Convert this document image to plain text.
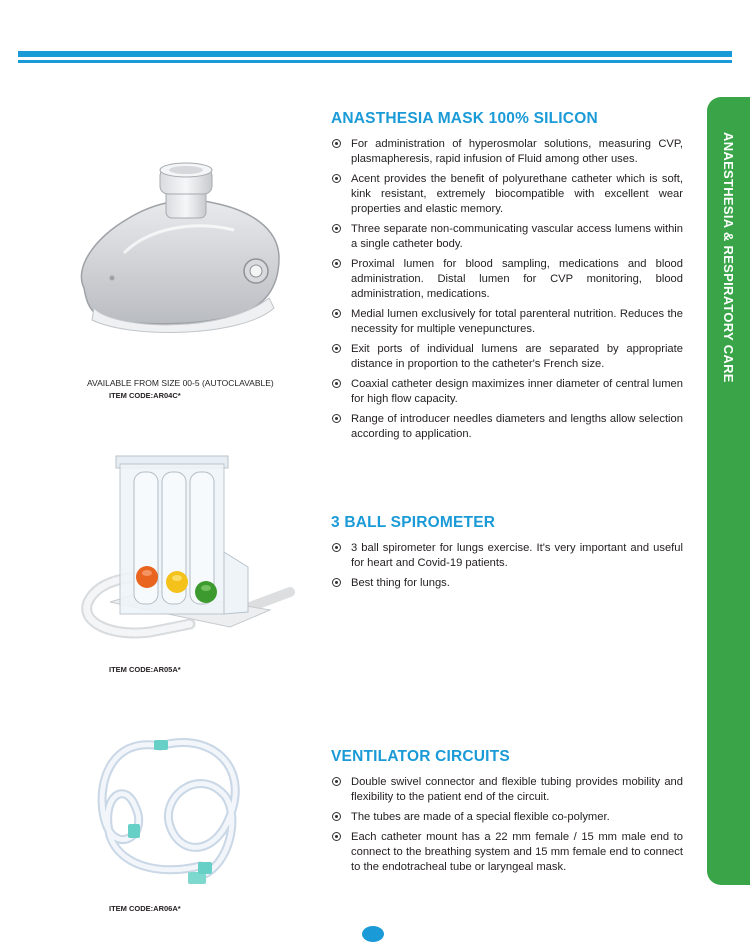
ANAESTHESIA & RESPIRATORY CARE
AVAILABLE FROM SIZE 00-5 (AUTOCLAVABLE)
ITEM CODE:AR04C*
ITEM CODE:AR05A*
ITEM CODE:AR06A*
ANASTHESIA MASK 100% SILICON
For administration of hyperosmolar solutions, measuring CVP, plasmapheresis, rapid infusion of Fluid among other uses.
Acent provides the benefit of polyurethane catheter which is soft, kink resistant, extremely biocompatible with excellent wear properties and elastic memory.
Three separate non-communicating vascular access lumens within a single catheter body.
Proximal lumen for blood sampling, medications and blood administration. Distal lumen for CVP monitoring, blood administration, medications.
Medial lumen exclusively for total parenteral nutrition. Reduces the necessity for multiple venepunctures.
Exit ports of individual lumens are separated by appropriate distance in proportion to the catheter's French size.
Coaxial catheter design maximizes inner diameter of central lumen for high flow capacity.
Range of introducer needles diameters and lengths allow selection according to application.
3 BALL SPIROMETER
3 ball spirometer for lungs exercise. It's very important and useful for heart and Covid-19 patients.
Best thing for lungs.
VENTILATOR CIRCUITS
Double swivel connector and flexible tubing provides mobility and flexibility to the patient end of the circuit.
The tubes are made of a special flexible co-polymer.
Each catheter mount has a 22 mm female / 15 mm male end to connect to the breathing system and 15 mm female end to connect to the endotracheal tube or laryngeal mask.
